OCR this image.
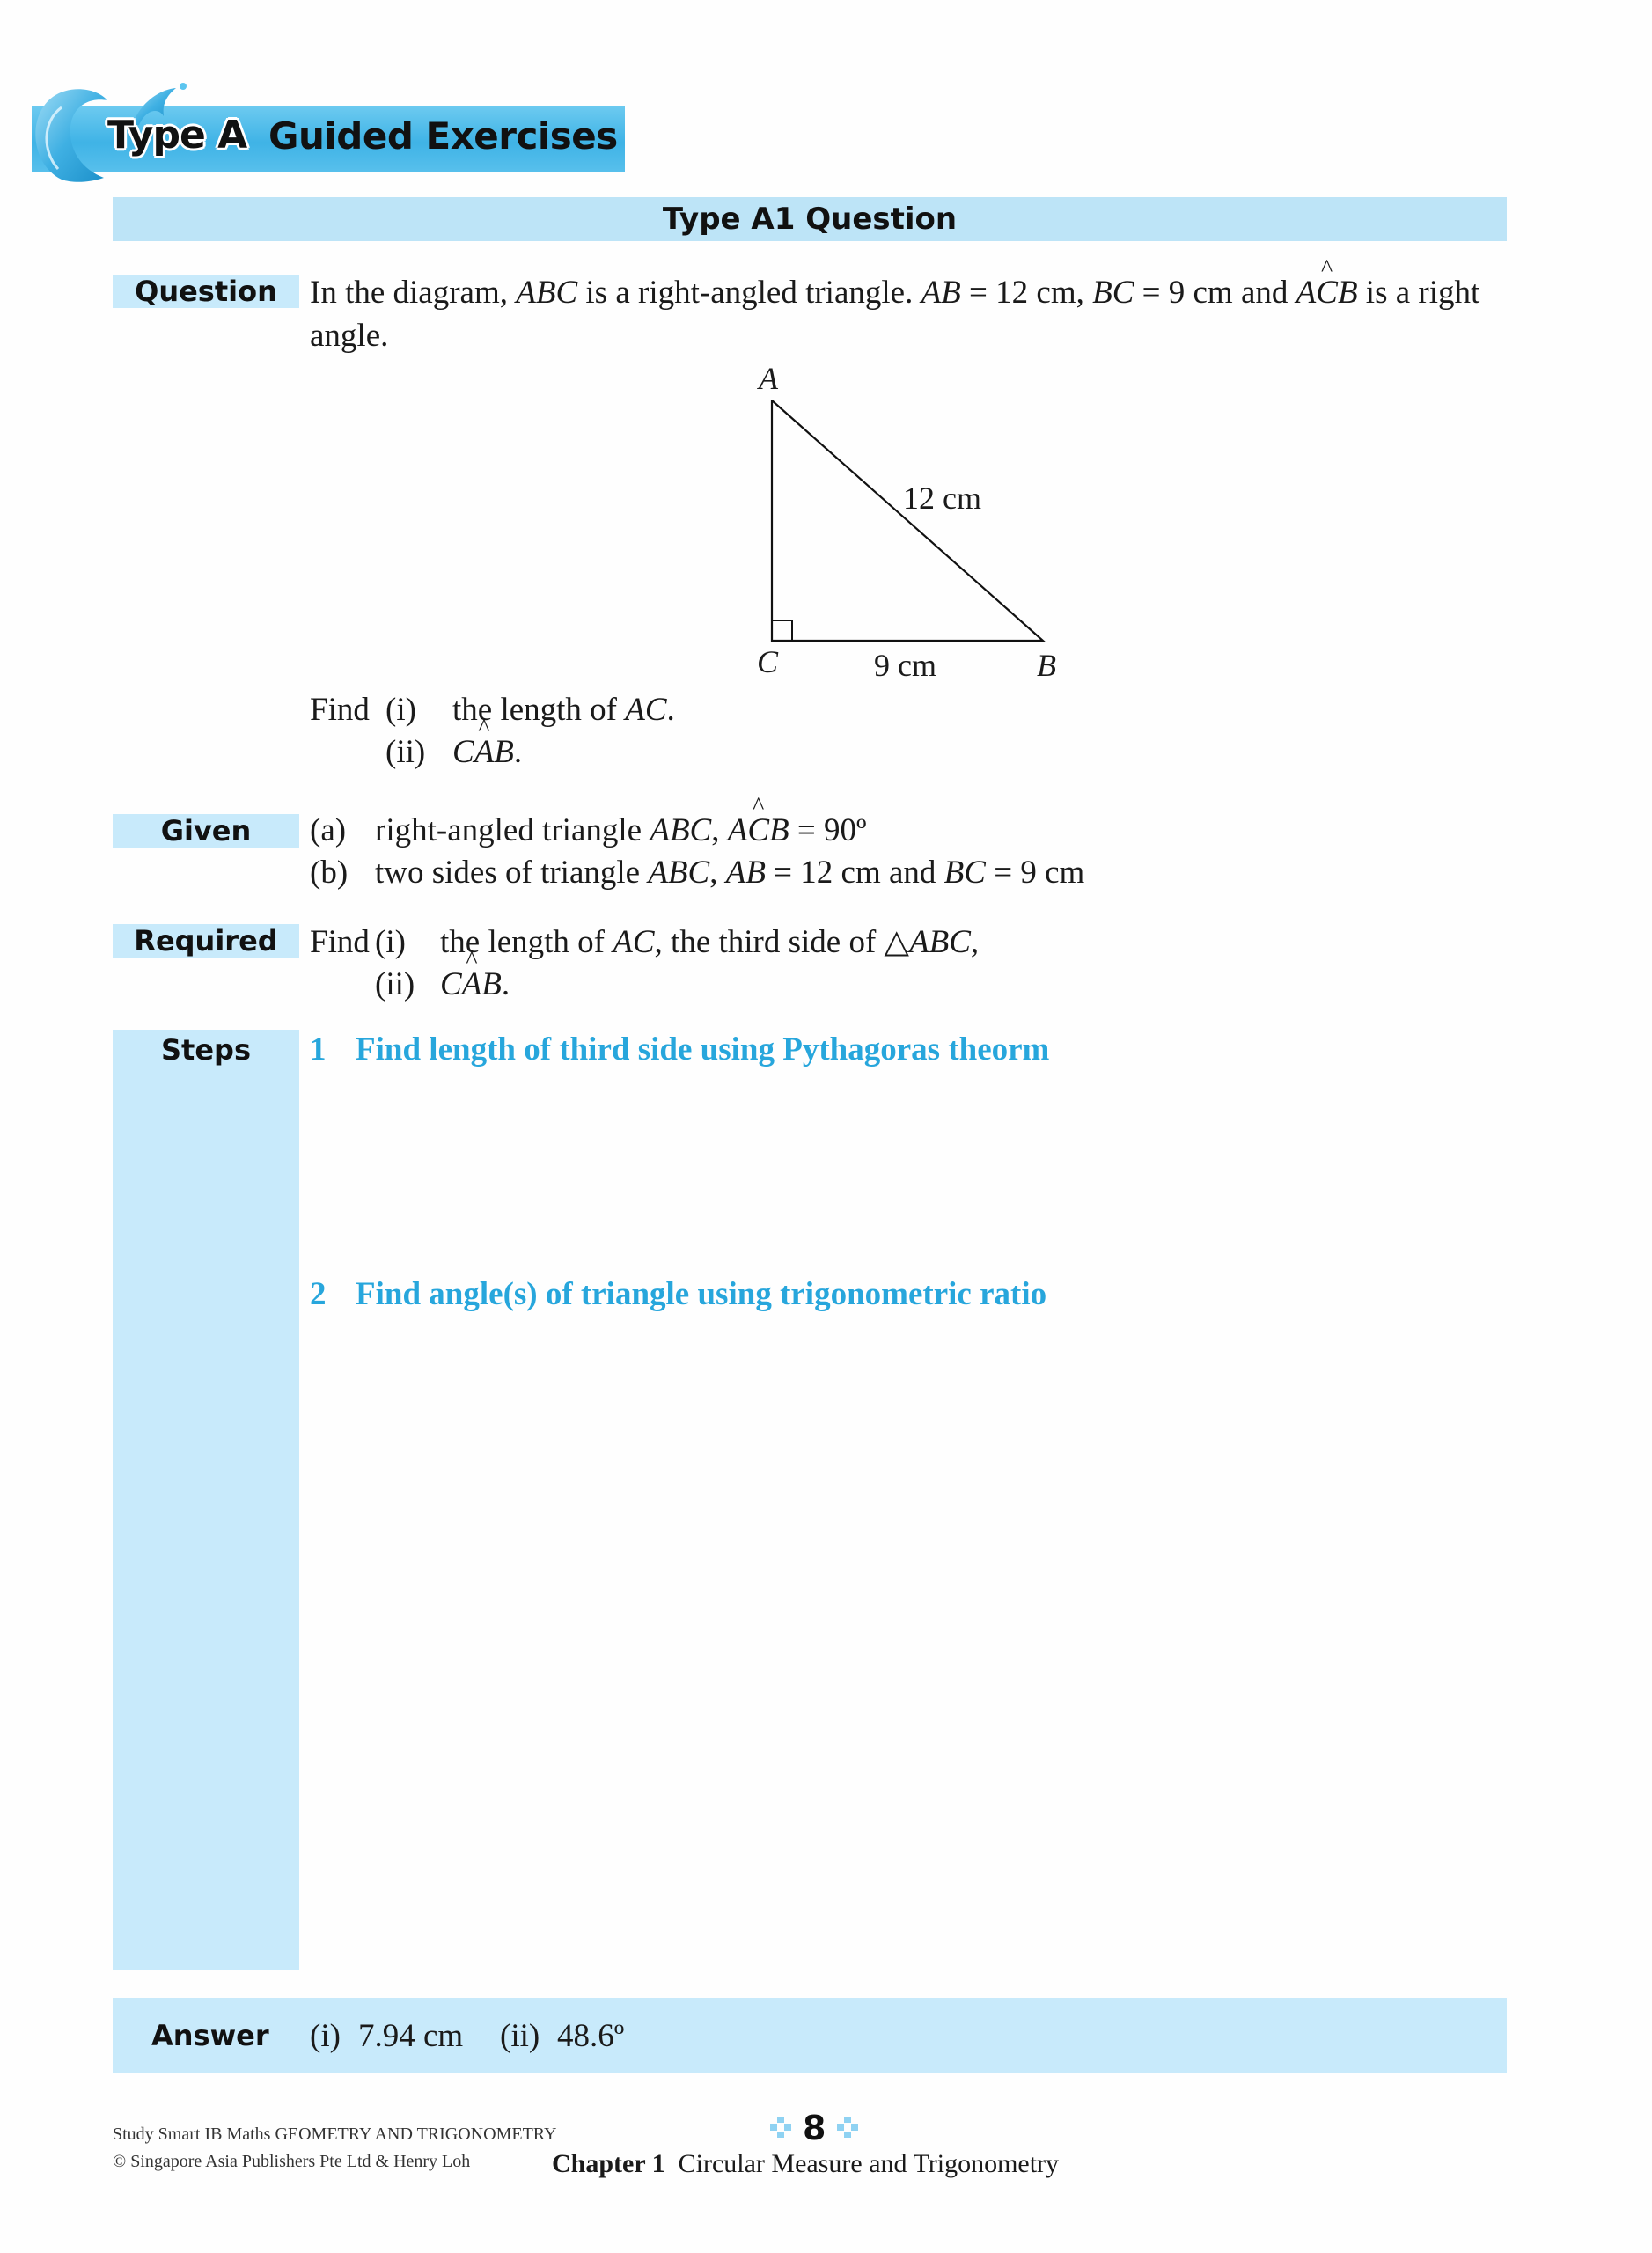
Type A Guided Exercises
Type A1 Question
Question	In the diagram, ABC is a right-angled triangle. AB = 12 cm, BC = 9 cm and AC ^B is a right
angle.
A
C	B
12 cm
9 cm
Find (i) the length of AC.
(ii) CA ^B.
Given	(a) right-angled triangle ABC, AC ^B = 90º
(b) two sides of triangle ABC, AB = 12 cm and BC = 9 cm
Required Find (i) the length of AC, the third side of △ABC,
(ii) CA ^B.
Steps	1 Find length of third side using Pythagoras theorm
2 Find angle(s) of triangle using trigonometric ratio
Answer (i) 7.94 cm (ii) 48.6º
Study Smart IB Maths GEOMETRY AND TRIGONOMETRY
© Singapore Asia Publishers Pte Ltd & Henry Loh
8
Chapter 1 Circular Measure and Trigonometry
